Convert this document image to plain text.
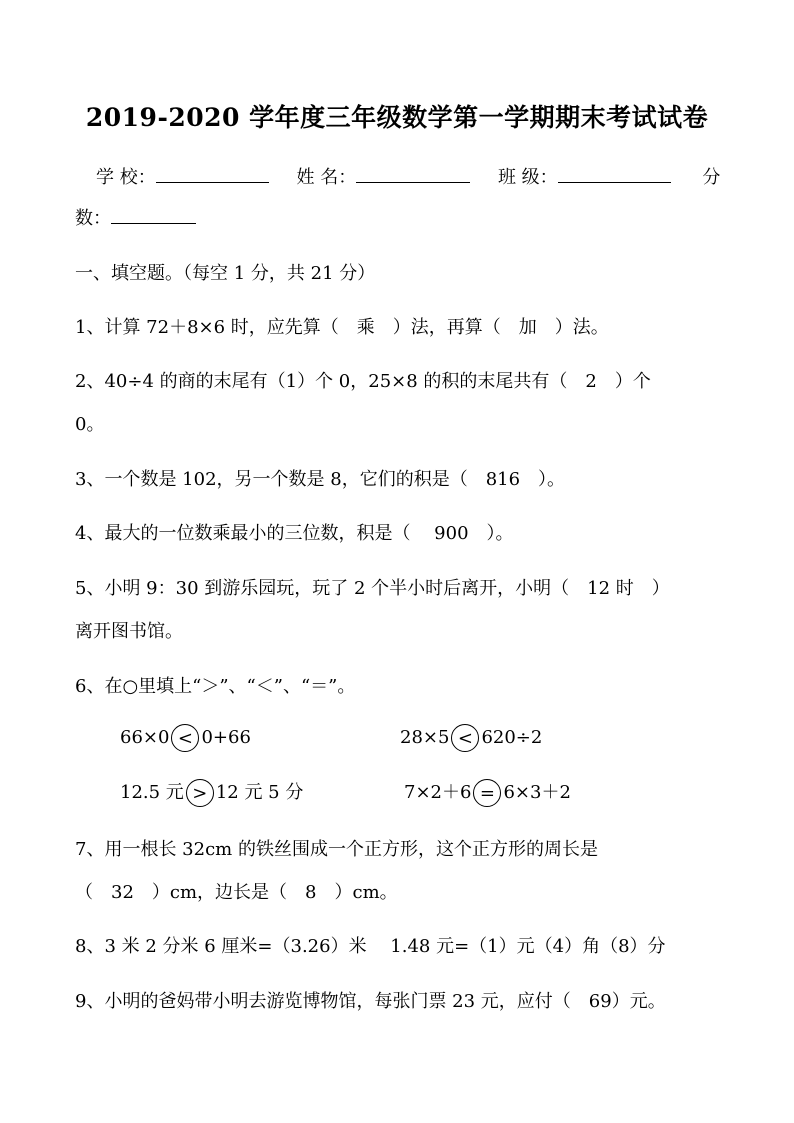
2019-2020 学年度三年级数学第一学期期末考试试卷
学 校：	姓 名：	班 级：	分
数：
一、填空题。（每空 1 分，共 21 分）
1、计算 72＋8×6 时，应先算（　乘　）法，再算（　加　）法。
2、40÷4 的商的末尾有（1）个 0，25×8 的积的末尾共有（　2　）个
0。
3、一个数是 102，另一个数是 8，它们的积是（　816　）。
4、最大的一位数乘最小的三位数，积是（　 900　）。
5、小明 9：30 到游乐园玩，玩了 2 个半小时后离开，小明（　12 时　）
离开图书馆。
6、在○里填上“＞”、“＜”、“＝”。
66×0 < 0+66	28×5 < 620÷2
12.5 元 > 12 元 5 分	7×2＋6 = 6×3＋2
7、用一根长 32cm 的铁丝围成一个正方形，这个正方形的周长是
（　32　）cm，边长是（　8　）cm。
8、3 米 2 分米 6 厘米=（3.26）米　 1.48 元=（1）元（4）角（8）分
9、小明的爸妈带小明去游览博物馆，每张门票 23 元，应付（　69）元。
